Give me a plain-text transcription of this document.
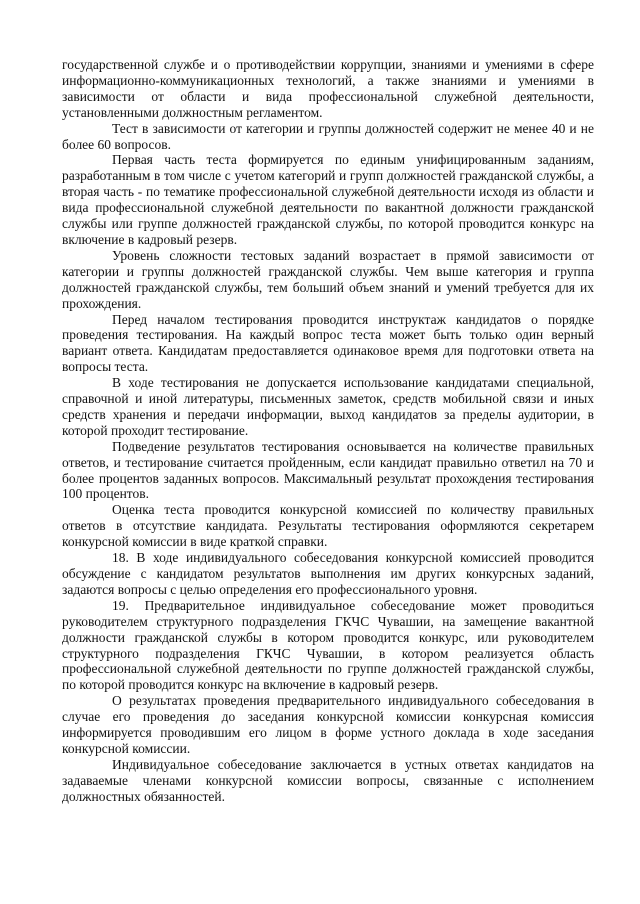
государственной службе и о противодействии коррупции, знаниями и умениями в сфере информационно-коммуникационных технологий, а также знаниями и умениями в зависимости от области и вида профессиональной служебной деятельности, установленными должностным регламентом.

Тест в зависимости от категории и группы должностей содержит не менее 40 и не более 60 вопросов.

Первая часть теста формируется по единым унифицированным заданиям, разработанным в том числе с учетом категорий и групп должностей гражданской службы, а вторая часть - по тематике профессиональной служебной деятельности исходя из области и вида профессиональной служебной деятельности по вакантной должности гражданской службы или группе должностей гражданской службы, по которой проводится конкурс на включение в кадровый резерв.

Уровень сложности тестовых заданий возрастает в прямой зависимости от категории и группы должностей гражданской службы. Чем выше категория и группа должностей гражданской службы, тем больший объем знаний и умений требуется для их прохождения.

Перед началом тестирования проводится инструктаж кандидатов о порядке проведения тестирования. На каждый вопрос теста может быть только один верный вариант ответа. Кандидатам предоставляется одинаковое время для подготовки ответа на вопросы теста.

В ходе тестирования не допускается использование кандидатами специальной, справочной и иной литературы, письменных заметок, средств мобильной связи и иных средств хранения и передачи информации, выход кандидатов за пределы аудитории, в которой проходит тестирование.

Подведение результатов тестирования основывается на количестве правильных ответов, и тестирование считается пройденным, если кандидат правильно ответил на 70 и более процентов заданных вопросов. Максимальный результат прохождения тестирования 100 процентов.

Оценка теста проводится конкурсной комиссией по количеству правильных ответов в отсутствие кандидата. Результаты тестирования оформляются секретарем конкурсной комиссии в виде краткой справки.

18. В ходе индивидуального собеседования конкурсной комиссией проводится обсуждение с кандидатом результатов выполнения им других конкурсных заданий, задаются вопросы с целью определения его профессионального уровня.

19. Предварительное индивидуальное собеседование может проводиться руководителем структурного подразделения ГКЧС Чувашии, на замещение вакантной должности гражданской службы в котором проводится конкурс, или руководителем структурного подразделения ГКЧС Чувашии, в котором реализуется область профессиональной служебной деятельности по группе должностей гражданской службы, по которой проводится конкурс на включение в кадровый резерв.

О результатах проведения предварительного индивидуального собеседования в случае его проведения до заседания конкурсной комиссии конкурсная комиссия информируется проводившим его лицом в форме устного доклада в ходе заседания конкурсной комиссии.

Индивидуальное собеседование заключается в устных ответах кандидатов на задаваемые членами конкурсной комиссии вопросы, связанные с исполнением должностных обязанностей.
